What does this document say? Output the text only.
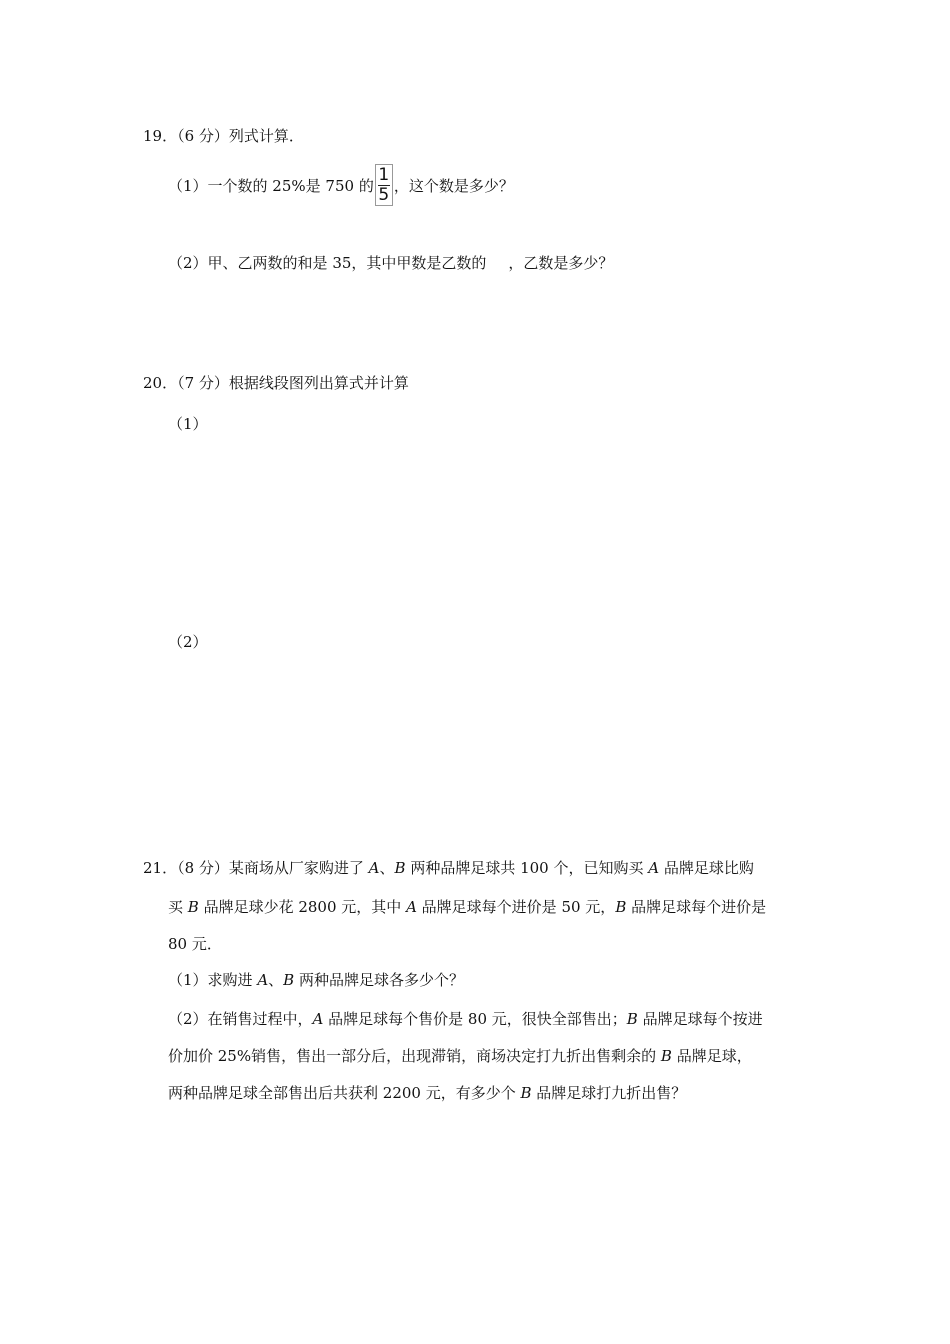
19．（6 分）列式计算．
（1）一个数的 25%是 750 的 $\frac{1}{5}$ ，这个数是多少？
（2）甲、乙两数的和是 35，其中甲数是乙数的 ，乙数是多少？
20．（7 分）根据线段图列出算式并计算
（1）
（2）
21．（8 分）某商场从厂家购进了 A、B 两种品牌足球共 100 个，已知购买 A 品牌足球比购
买 B 品牌足球少花 2800 元，其中 A 品牌足球每个进价是 50 元，B 品牌足球每个进价是
80 元．
（1）求购进 A、B 两种品牌足球各多少个？
（2）在销售过程中，A 品牌足球每个售价是 80 元，很快全部售出；B 品牌足球每个按进
价加价 25%销售，售出一部分后，出现滞销，商场决定打九折出售剩余的 B 品牌足球，
两种品牌足球全部售出后共获利 2200 元，有多少个 B 品牌足球打九折出售？
